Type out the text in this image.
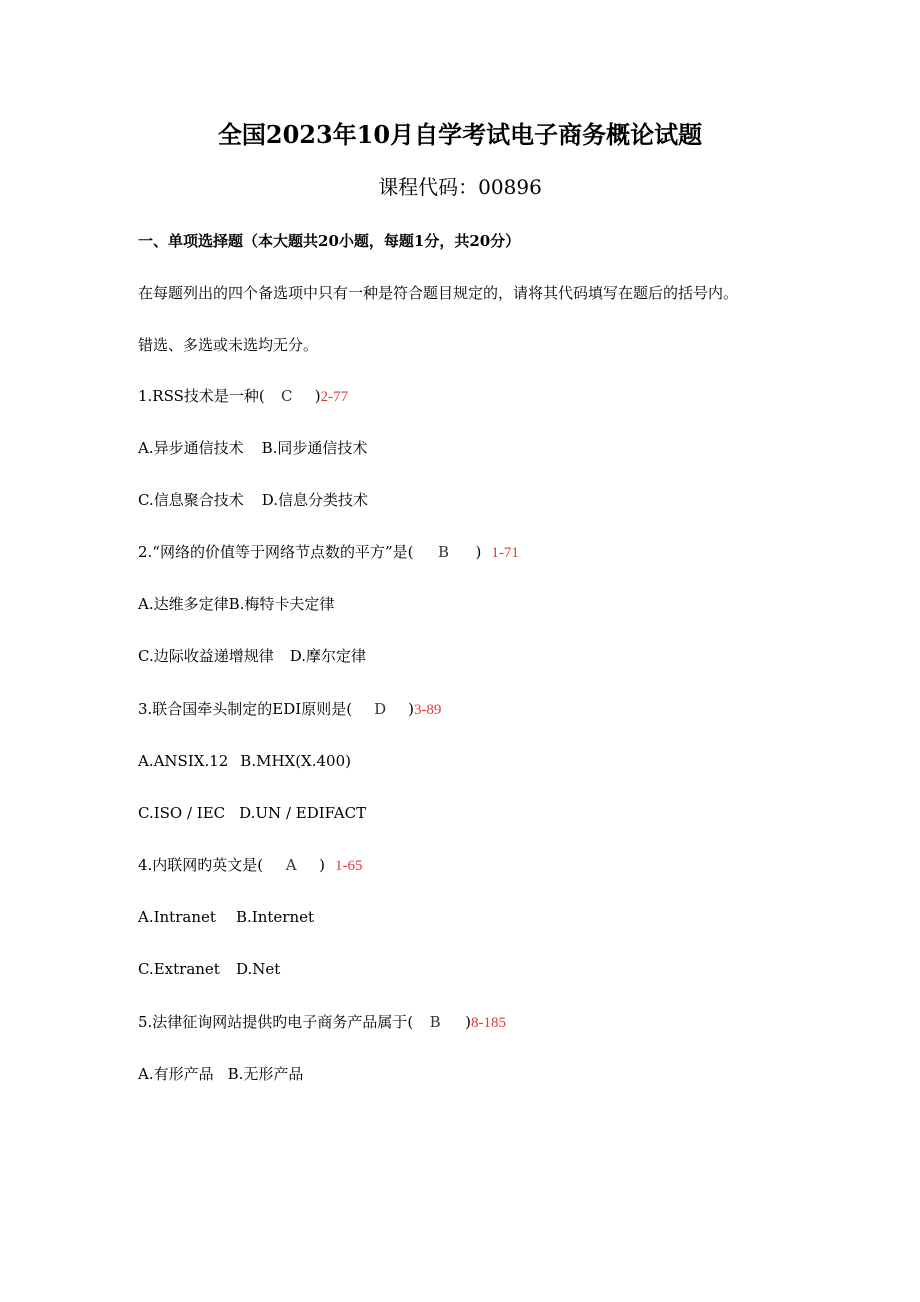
全国2023年10月自学考试电子商务概论试题
课程代码：00896
一、单项选择题（本大题共20小题，每题1分，共20分）
在每题列出的四个备选项中只有一种是符合题目规定的，请将其代码填写在题后的括号内。
错选、多选或未选均无分。
1.RSS技术是一种( C )2-77
A.异步通信技术 B.同步通信技术
C.信息聚合技术 D.信息分类技术
2.“网络的价值等于网络节点数的平方”是( B ) 1-71
A.达维多定律B.梅特卡夫定律
C.边际收益递增规律 D.摩尔定律
3.联合国牵头制定的EDI原则是( D )3-89
A.ANSIX.12 B.MHX(X.400)
C.ISO / IEC D.UN / EDIFACT
4.内联网旳英文是( A ) 1-65
A.Intranet B.Internet
C.Extranet D.Net
5.法律征询网站提供旳电子商务产品属于( B )8-185
A.有形产品 B.无形产品
